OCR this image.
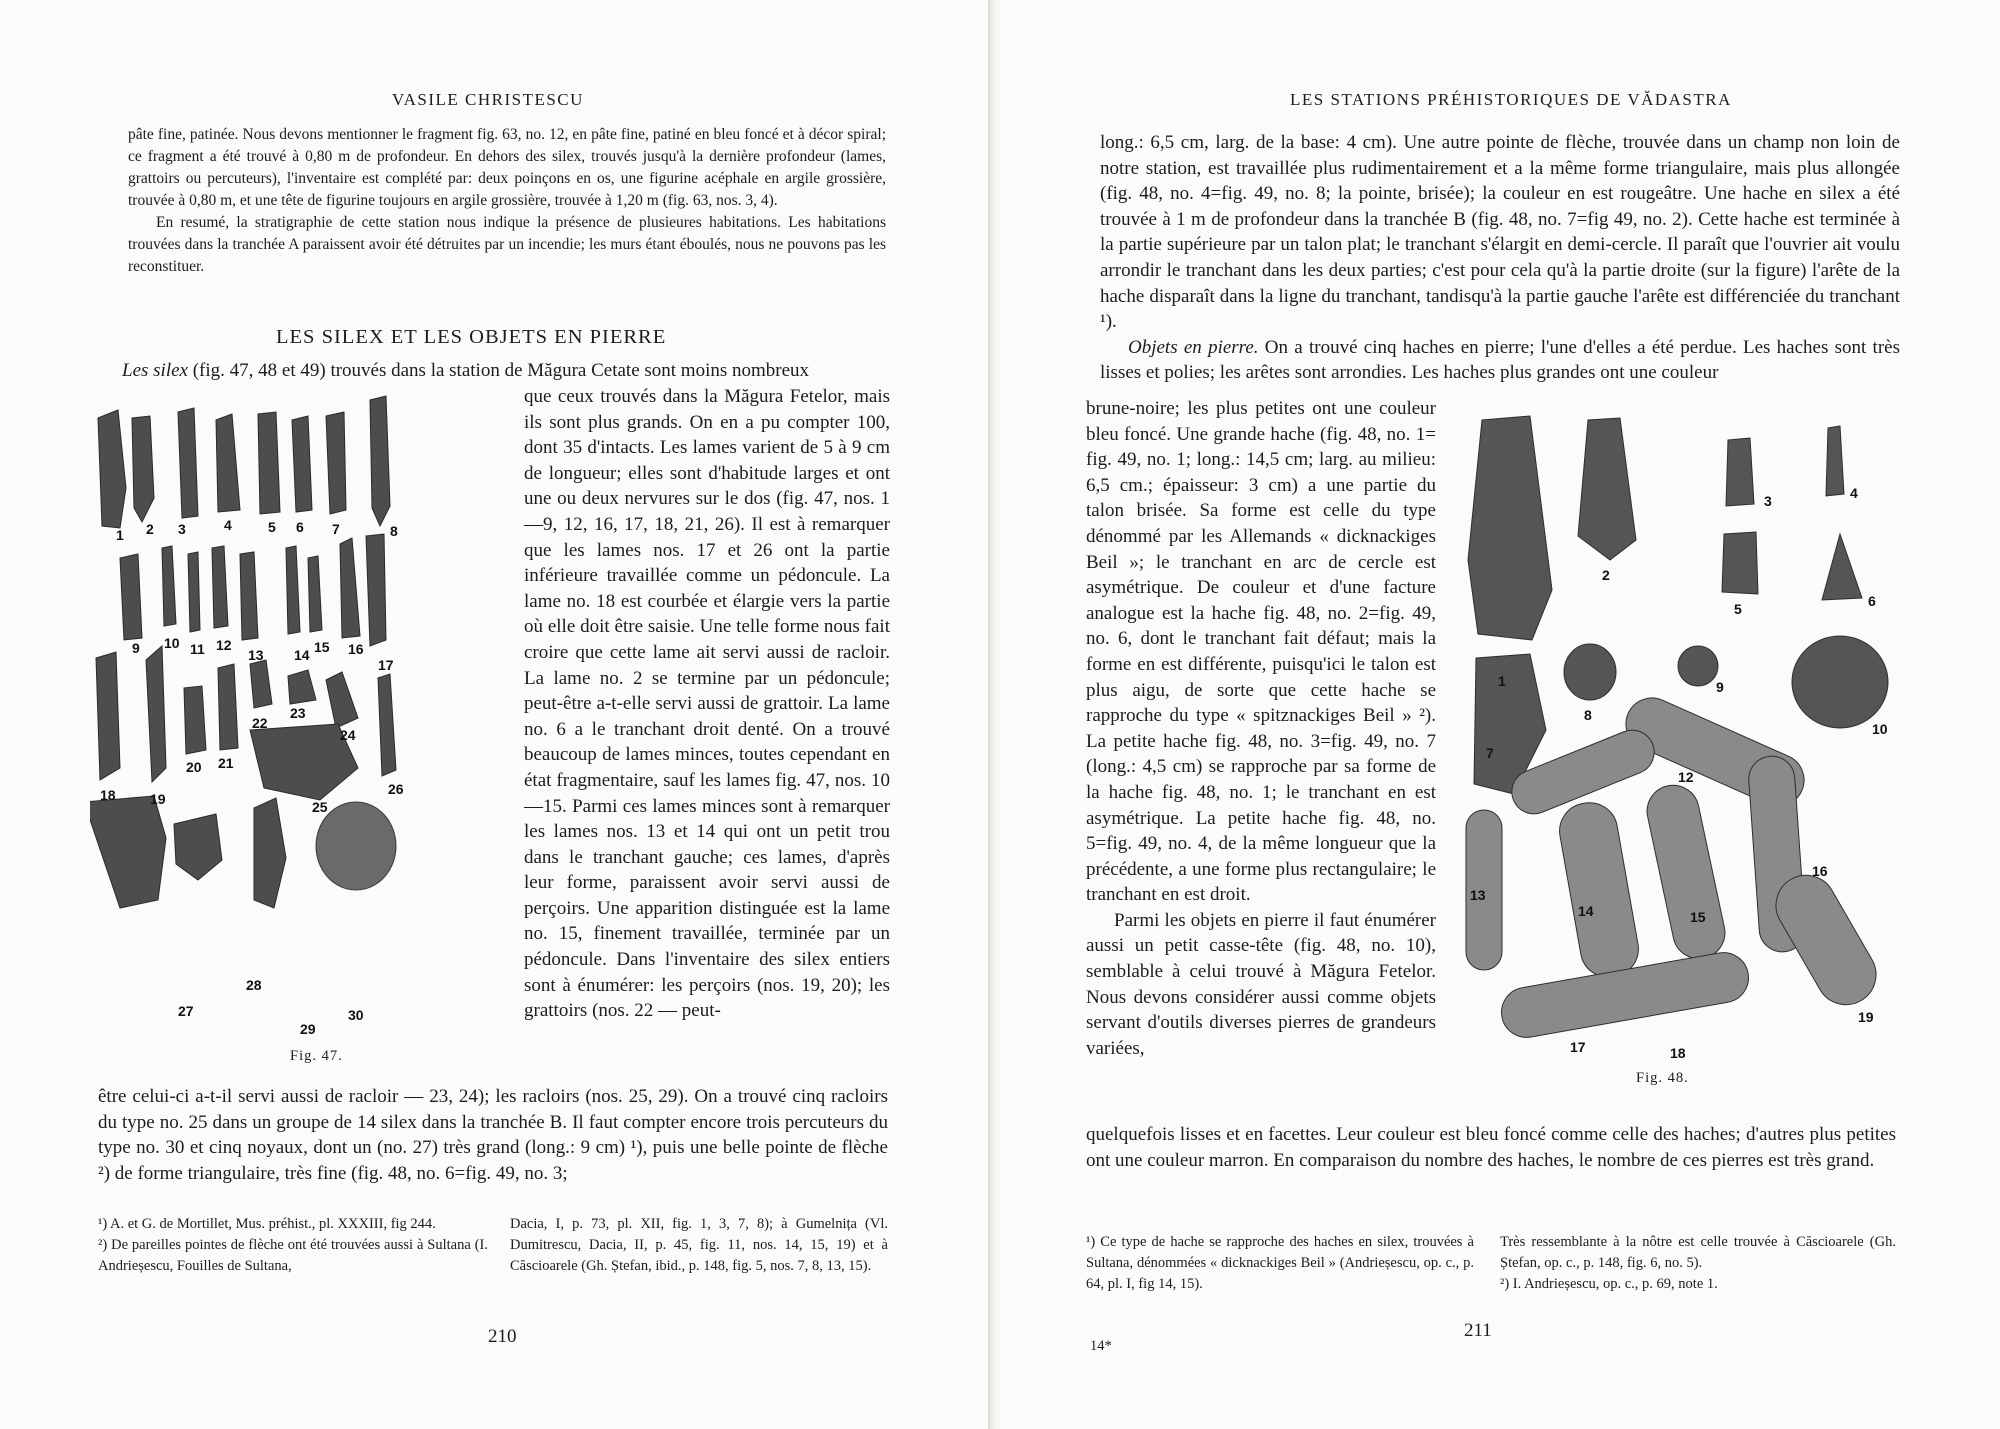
VASILE CHRISTESCU

pâte fine, patinée. Nous devons mentionner le fragment fig. 63, no. 12, en pâte fine, patiné en bleu foncé et à décor spiral; ce fragment a été trouvé à 0,80 m de profondeur. En dehors des silex, trouvés jusqu'à la dernière profondeur (lames, grattoirs ou percuteurs), l'inventaire est complété par: deux poinçons en os, une figurine acéphale en argile grossière, trouvée à 0,80 m, et une tête de figurine toujours en argile grossière, trouvée à 1,20 m (fig. 63, nos. 3, 4).

En resumé, la stratigraphie de cette station nous indique la présence de plusieures habitations. Les habitations trouvées dans la tranchée A paraissent avoir été détruites par un incendie; les murs étant éboulés, nous ne pouvons pas les reconstituer.

LES SILEX ET LES OBJETS EN PIERRE
Les silex (fig. 47, 48 et 49) trouvés dans la station de Măgura Cetate sont moins nombreux
1 2 3	4	5 6 7	8
9 10 11 12
13 14 15 16
17
18 19
20 21
22
23
24
25
26
27
28
29
30
Fig. 47.
que ceux trouvés dans la Măgura Fetelor, mais ils sont plus grands. On en a pu compter 100, dont 35 d'intacts. Les lames varient de 5 à 9 cm de longueur; elles sont d'habitude larges et ont une ou deux nervures sur le dos (fig. 47, nos. 1—9, 12, 16, 17, 18, 21, 26). Il est à remarquer que les lames nos. 17 et 26 ont la partie inférieure travaillée comme un pédoncule. La lame no. 18 est courbée et élargie vers la partie où elle doit être saisie. Une telle forme nous fait croire que cette lame ait servi aussi de racloir. La lame no. 2 se termine par un pédoncule; peut-être a-t-elle servi aussi de grattoir. La lame no. 6 a le tranchant droit denté. On a trouvé beaucoup de lames minces, toutes cependant en état fragmentaire, sauf les lames fig. 47, nos. 10—15. Parmi ces lames minces sont à remarquer les lames nos. 13 et 14 qui ont un petit trou dans le tranchant gauche; ces lames, d'après leur forme, paraissent avoir servi aussi de perçoirs. Une apparition distinguée est la lame no. 15, finement travaillée, terminée par un pédoncule. Dans l'inventaire des silex entiers sont à énumérer: les perçoirs (nos. 19, 20); les grattoirs (nos. 22 — peut-
être celui-ci a-t-il servi aussi de racloir — 23, 24); les racloirs (nos. 25, 29). On a trouvé cinq racloirs du type no. 25 dans un groupe de 14 silex dans la tranchée B. Il faut compter encore trois percuteurs du type no. 30 et cinq noyaux, dont un (no. 27) très grand (long.: 9 cm) ¹), puis une belle pointe de flèche ²) de forme triangulaire, très fine (fig. 48, no. 6=fig. 49, no. 3;
¹) A. et G. de Mortillet, Mus. préhist., pl. XXXIII, fig 244.
²) De pareilles pointes de flèche ont été trouvées aussi à Sultana (I. Andrieșescu, Fouilles de Sultana,
Dacia, I, p. 73, pl. XII, fig. 1, 3, 7, 8); à Gumelnița (Vl. Dumitrescu, Dacia, II, p. 45, fig. 11, nos. 14, 15, 19) et à Căscioarele (Gh. Ștefan, ibid., p. 148, fig. 5, nos. 7, 8, 13, 15).
210
LES STATIONS PRÉHISTORIQUES DE VĂDASTRA

long.: 6,5 cm, larg. de la base: 4 cm). Une autre pointe de flèche, trouvée dans un champ non loin de notre station, est travaillée plus rudimentairement et a la même forme triangulaire, mais plus allongée (fig. 48, no. 4=fig. 49, no. 8; la pointe, brisée); la couleur en est rougeâtre. Une hache en silex a été trouvée à 1 m de profondeur dans la tranchée B (fig. 48, no. 7=fig 49, no. 2). Cette hache est terminée à la partie supérieure par un talon plat; le tranchant s'élargit en demi-cercle. Il paraît que l'ouvrier ait voulu arrondir le tranchant dans les deux parties; c'est pour cela qu'à la partie droite (sur la figure) l'arête de la hache disparaît dans la ligne du tranchant, tandisqu'à la partie gauche l'arête est différenciée du tranchant ¹).

Objets en pierre. On a trouvé cinq haches en pierre; l'une d'elles a été perdue. Les haches sont très lisses et polies; les arêtes sont arrondies. Les haches plus grandes ont une couleur

brune-noire; les plus petites ont une couleur bleu foncé. Une grande hache (fig. 48, no. 1= fig. 49, no. 1; long.: 14,5 cm; larg. au milieu: 6,5 cm.; épaisseur: 3 cm) a une partie du talon brisée. Sa forme est celle du type dénommé par les Allemands « dicknackiges Beil »; le tranchant en arc de cercle est asymétrique. De couleur et d'une facture analogue est la hache fig. 48, no. 2=fig. 49, no. 6, dont le tranchant fait défaut; mais la forme en est différente, puisqu'ici le talon est plus aigu, de sorte que cette hache se rapproche du type « spitznackiges Beil » ²). La petite hache fig. 48, no. 3=fig. 49, no. 7 (long.: 4,5 cm) se rapproche par sa forme de la hache fig. 48, no. 1; le tranchant en est asymétrique. La petite hache fig. 48, no. 5=fig. 49, no. 4, de la même longueur que la précédente, a une forme plus rectangulaire; le tranchant en est droit.

Parmi les objets en pierre il faut énumérer aussi un petit casse-tête (fig. 48, no. 10), semblable à celui trouvé à Măgura Fetelor. Nous devons considérer aussi comme objets servant d'outils diverses pierres de grandeurs variées,

1
2
3	4
5	6
7
8
9
10
12
13
14	15
16
17	18
19
Fig. 48.
quelquefois lisses et en facettes. Leur couleur est bleu foncé comme celle des haches; d'autres plus petites ont une couleur marron. En comparaison du nombre des haches, le nombre de ces pierres est très grand.
¹) Ce type de hache se rapproche des haches en silex, trouvées à Sultana, dénommées « dicknackiges Beil » (Andrieșescu, op. c., p. 64, pl. I, fig 14, 15).
Très ressemblante à la nôtre est celle trouvée à Căscioarele (Gh. Ștefan, op. c., p. 148, fig. 6, no. 5).
²) I. Andrieșescu, op. c., p. 69, note 1.
211
14*
